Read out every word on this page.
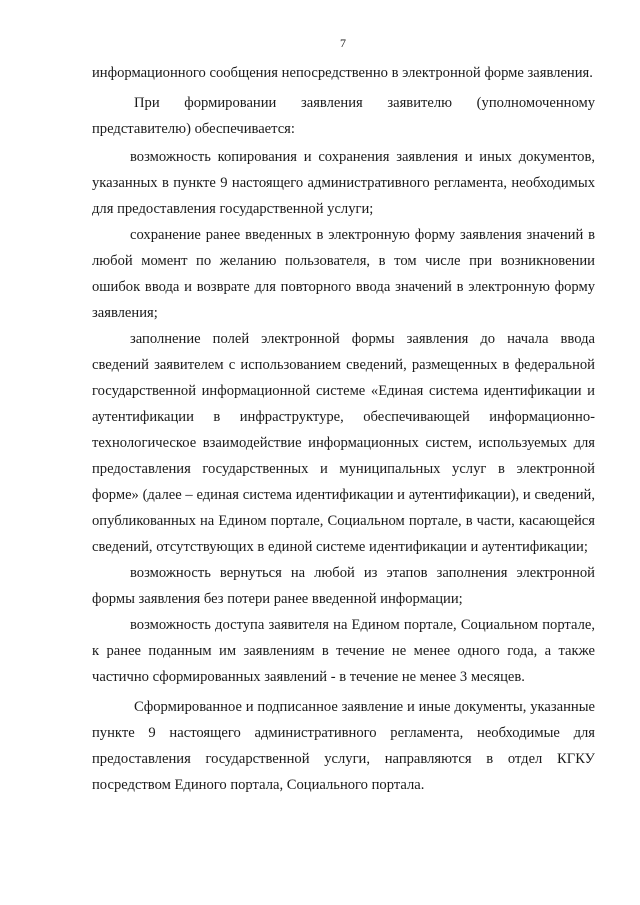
7

информационного сообщения непосредственно в электронной форме заявления.

При формировании заявления заявителю (уполномоченному представителю) обеспечивается:

возможность копирования и сохранения заявления и иных документов, указанных в пункте 9 настоящего административного регламента, необходимых для предоставления государственной услуги;

сохранение ранее введенных в электронную форму заявления значений в любой момент по желанию пользователя, в том числе при возникновении ошибок ввода и возврате для повторного ввода значений в электронную форму заявления;

заполнение полей электронной формы заявления до начала ввода сведений заявителем с использованием сведений, размещенных в федеральной государственной информационной системе «Единая система идентификации и аутентификации в инфраструктуре, обеспечивающей информационно-технологическое взаимодействие информационных систем, используемых для предоставления государственных и муниципальных услуг в электронной форме» (далее – единая система идентификации и аутентификации), и сведений, опубликованных на Едином портале, Социальном портале, в части, касающейся сведений, отсутствующих в единой системе идентификации и аутентификации;

возможность вернуться на любой из этапов заполнения электронной формы заявления без потери ранее введенной информации;

возможность доступа заявителя на Едином портале, Социальном портале, к ранее поданным им заявлениям в течение не менее одного года, а также частично сформированных заявлений - в течение не менее 3 месяцев.

Сформированное и подписанное заявление и иные документы, указанные пункте 9 настоящего административного регламента, необходимые для предоставления государственной услуги, направляются в отдел КГКУ посредством Единого портала, Социального портала.
